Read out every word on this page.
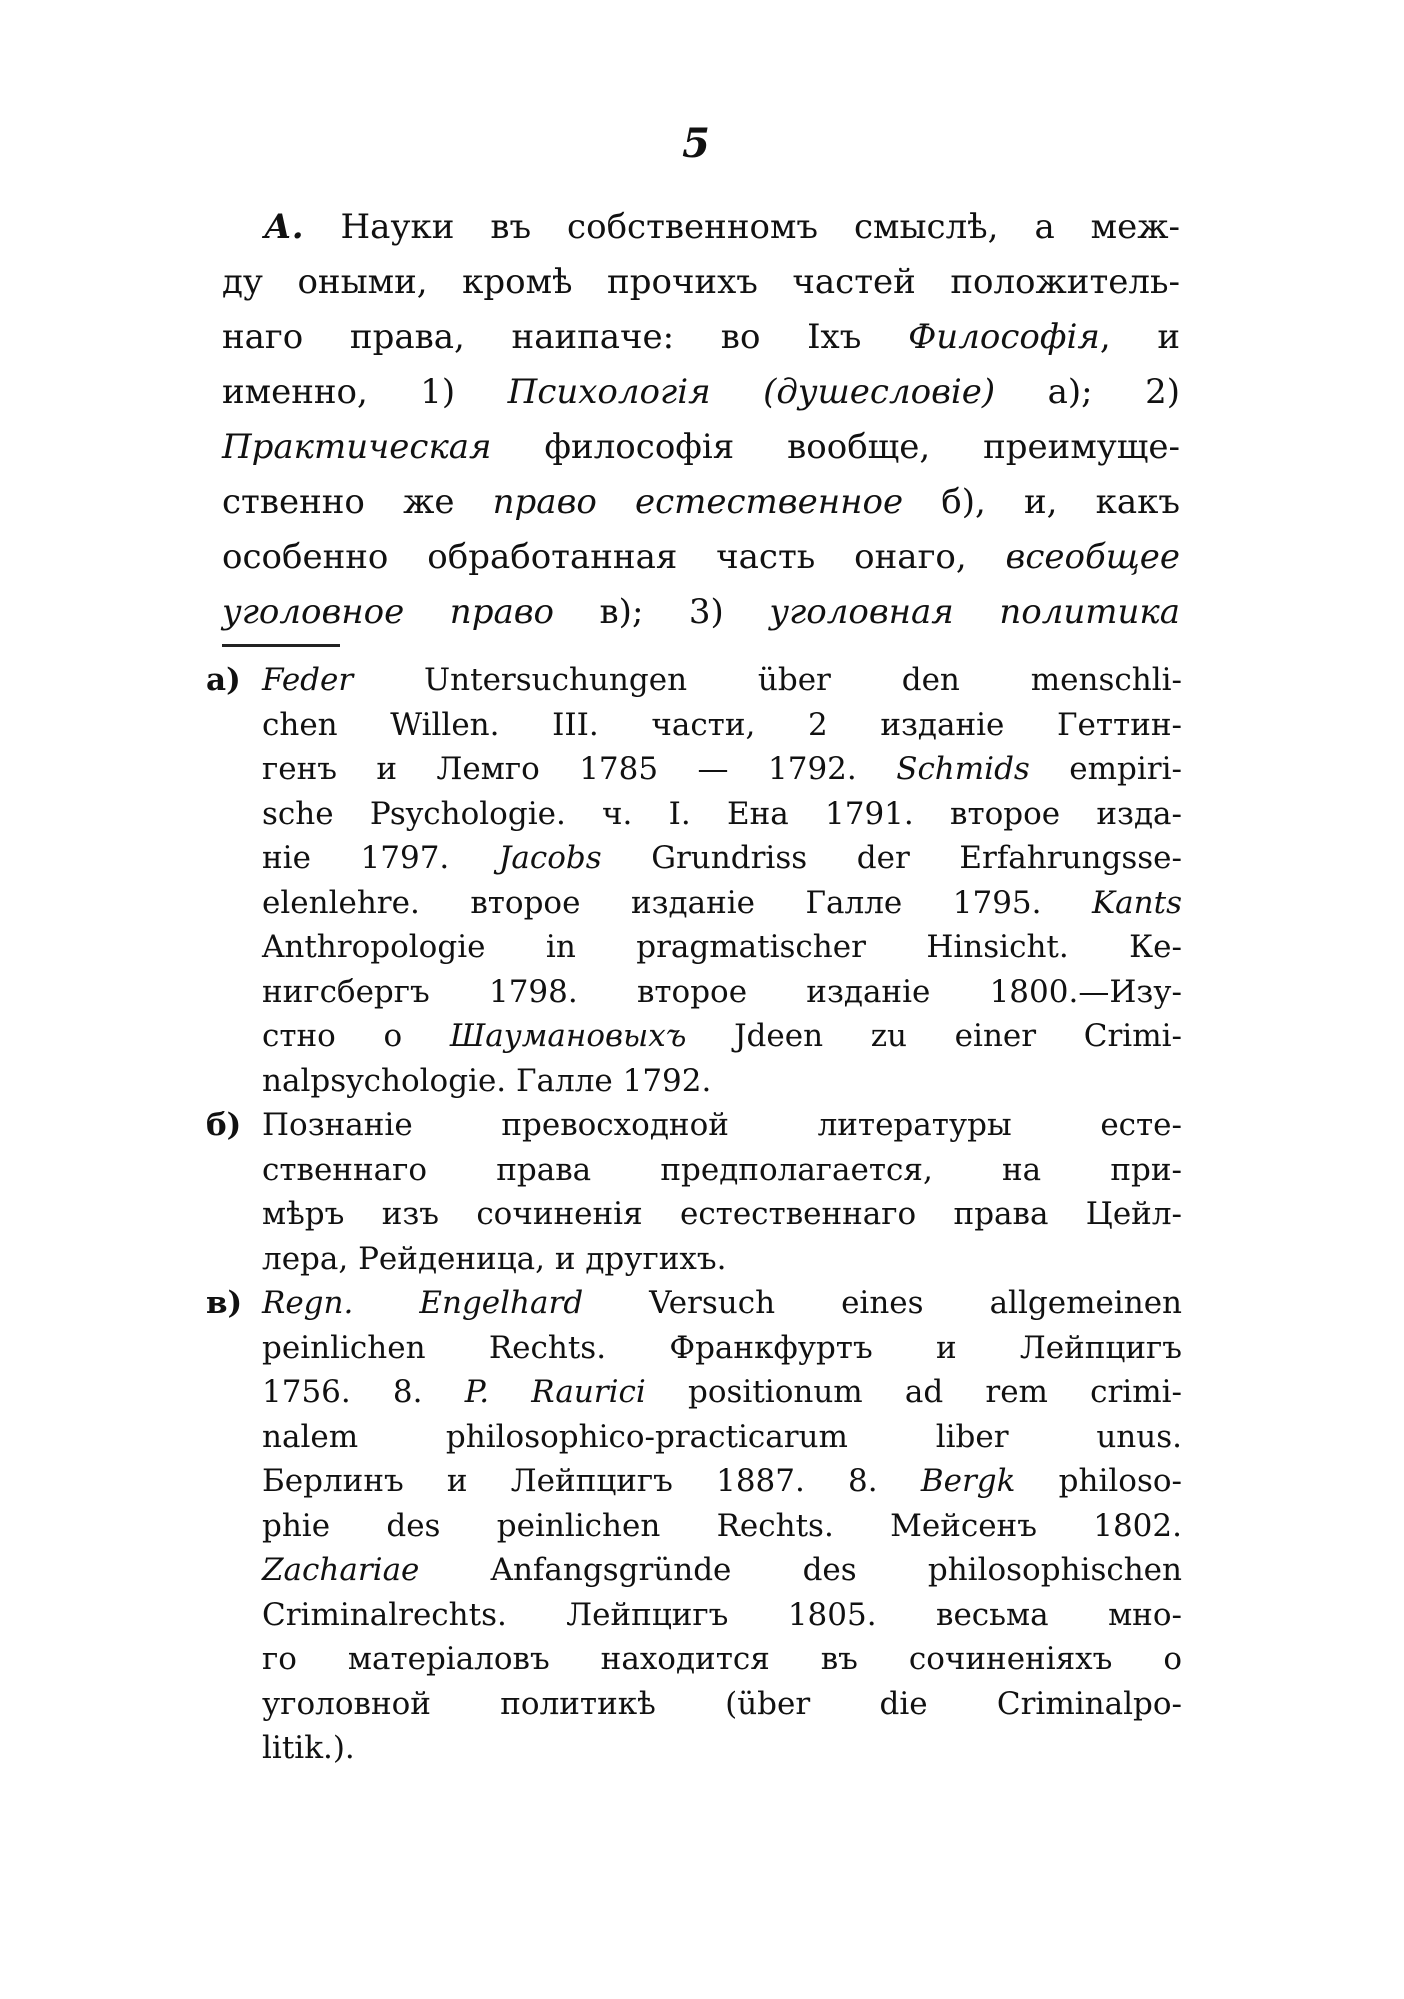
5
А. Науки въ собственномъ смыслѣ, а меж-
ду оными, кромѣ прочихъ частей положитель-
наго права, наипаче: во Iхъ Философія, и
именно, 1) Психологія (душесловіе) а); 2)
Практическая философія вообще, преимуще-
ственно же право естественное б), и, какъ
особенно обработанная часть онаго, всеобщее
уголовное право в); 3) уголовная политика
а) Feder Untersuchungen über den menschli-
chen Willen. III. части, 2 изданіе Геттин-
генъ и Лемго 1785 — 1792. Schmids empiri-
sche Psychologie. ч. I. Ена 1791. второе изда-
ніе 1797. Jacobs Grundriss der Erfahrungsse-
elenlehre. второе изданіе Галле 1795. Kants
Anthropologie in pragmatischer Hinsicht. Ке-
нигсбергъ 1798. второе изданіе 1800.—Изу-
стно о Шаумановыхъ Jdeen zu einer Crimi-
nalpsychologie. Галле 1792.
б) Познаніе превосходной литературы есте-
ственнаго права предполагается, на при-
мѣръ изъ сочиненія естественнаго права Цейл-
лера, Рейденица, и другихъ.
в) Regn. Engelhard Versuch eines allgemeinen
peinlichen Rechts. Франкфуртъ и Лейпцигъ
1756. 8. P. Raurici positionum ad rem crimi-
nalem philosophico-practicarum liber unus.
Берлинъ и Лейпцигъ 1887. 8. Bergk philoso-
phie des peinlichen Rechts. Мейсенъ 1802.
Zachariae Anfangsgründe des philosophischen
Criminalrechts. Лейпцигъ 1805. весьма мно-
го матеріаловъ находится въ сочиненіяхъ о
уголовной политикѣ (über die Criminalpo-
litik.).
